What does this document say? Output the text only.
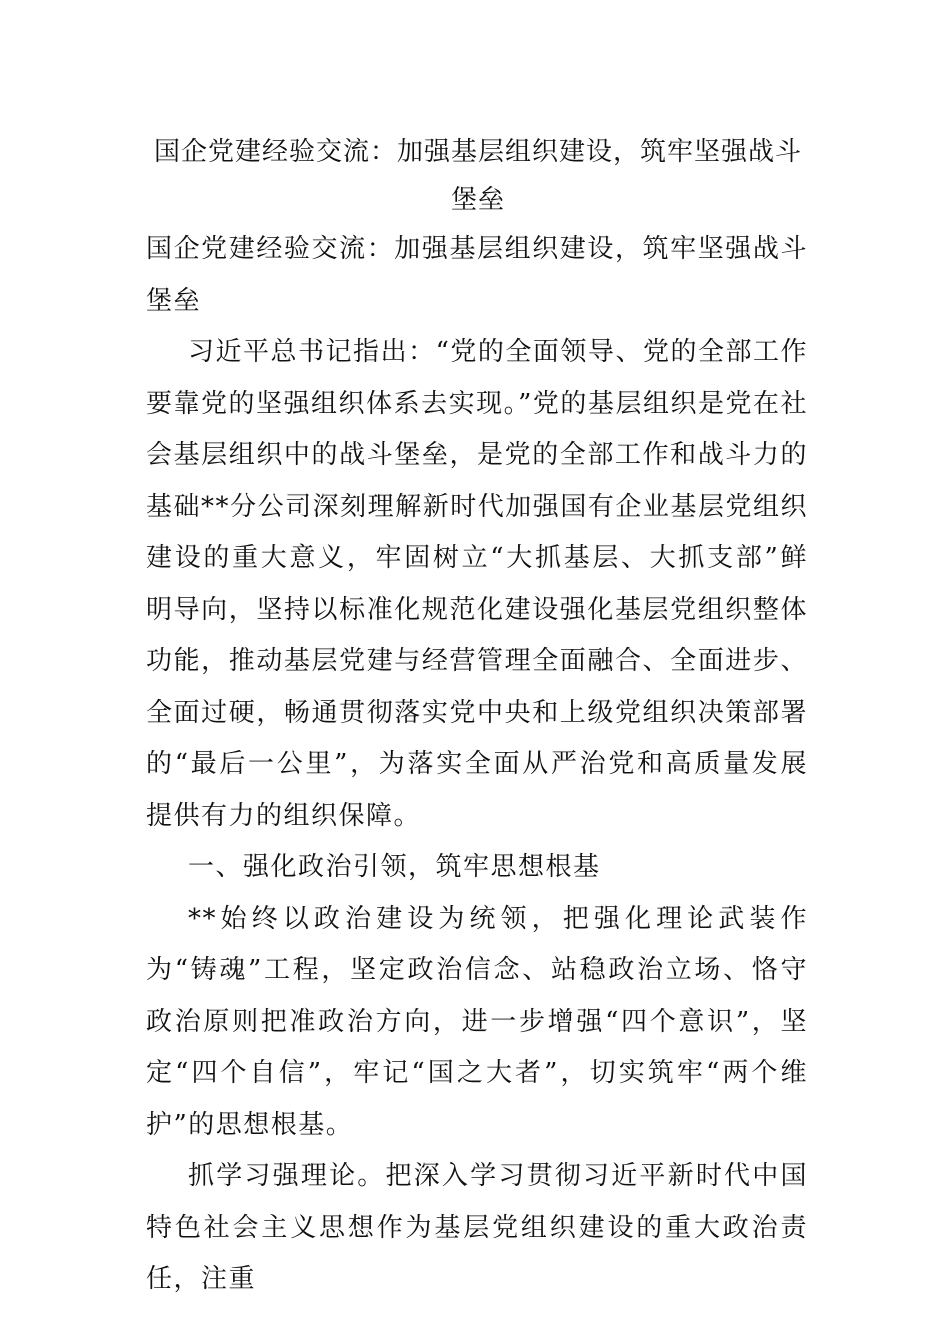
国企党建经验交流：加强基层组织建设，筑牢坚强战斗堡垒

国企党建经验交流：加强基层组织建设，筑牢坚强战斗堡垒

习近平总书记指出：“党的全面领导、党的全部工作要靠党的坚强组织体系去实现。”党的基层组织是党在社会基层组织中的战斗堡垒，是党的全部工作和战斗力的基础**分公司深刻理解新时代加强国有企业基层党组织建设的重大意义，牢固树立“大抓基层、大抓支部”鲜明导向，坚持以标准化规范化建设强化基层党组织整体功能，推动基层党建与经营管理全面融合、全面进步、全面过硬，畅通贯彻落实党中央和上级党组织决策部署的“最后一公里”，为落实全面从严治党和高质量发展提供有力的组织保障。

一、强化政治引领，筑牢思想根基

**始终以政治建设为统领，把强化理论武装作为“铸魂”工程，坚定政治信念、站稳政治立场、恪守政治原则把准政治方向，进一步增强“四个意识”，坚定“四个自信”，牢记“国之大者”，切实筑牢“两个维护”的思想根基。

抓学习强理论。把深入学习贯彻习近平新时代中国特色社会主义思想作为基层党组织建设的重大政治责任，注重
